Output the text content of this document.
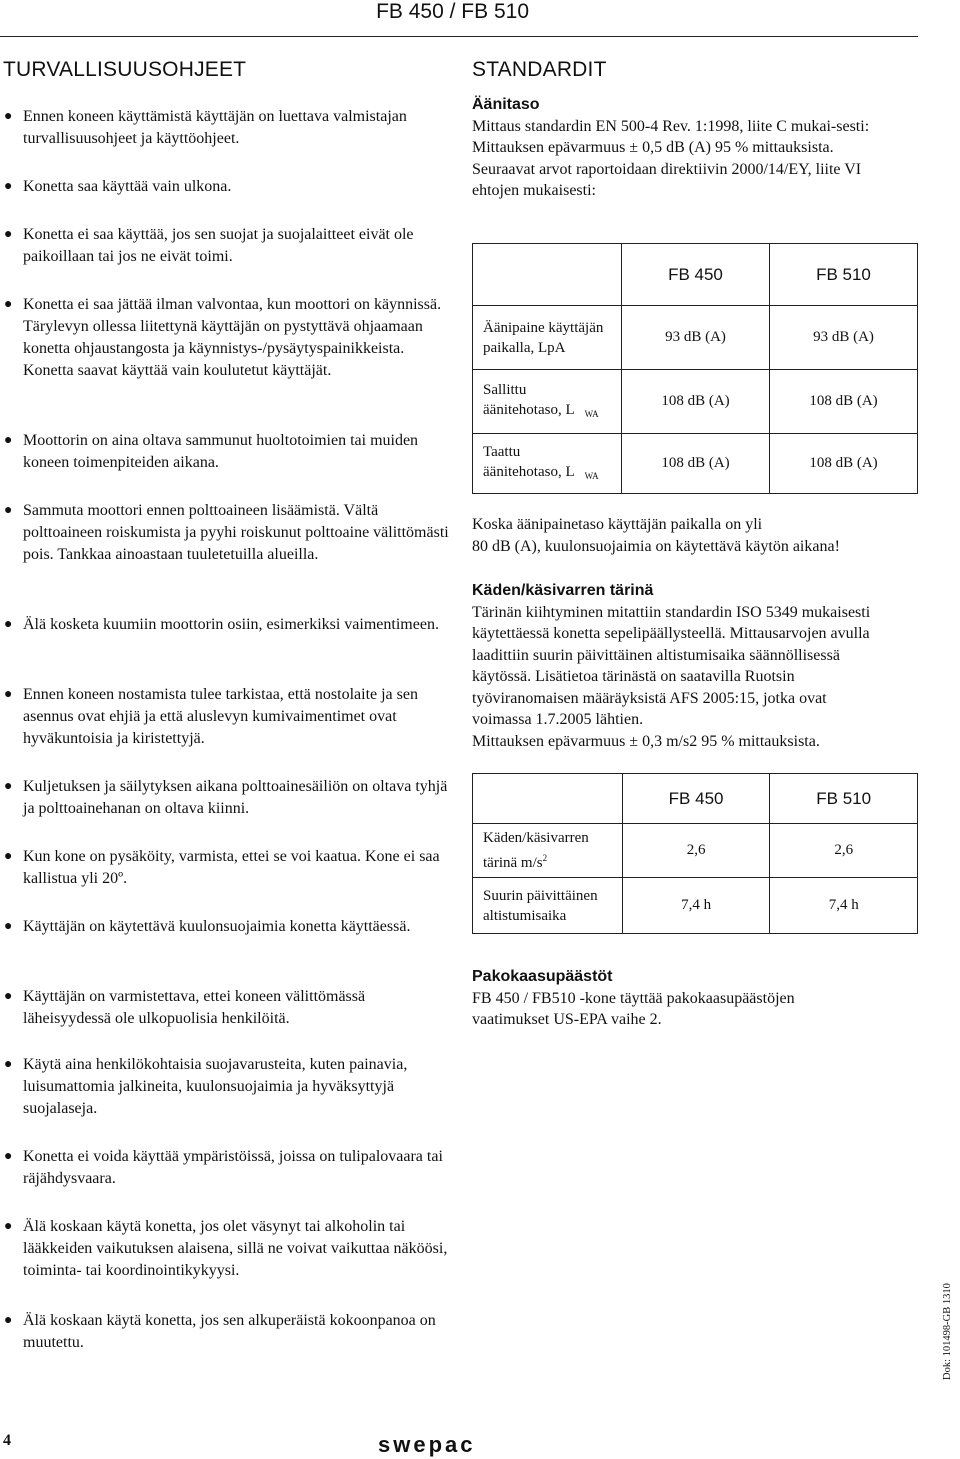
FB 450 / FB 510
TURVALLISUUSOHJEET
● Ennen koneen käyttämistä käyttäjän on luettava valmistajan turvallisuusohjeet ja käyttöohjeet.
● Konetta saa käyttää vain ulkona.
● Konetta ei saa käyttää, jos sen suojat ja suojalaitteet eivät ole paikoillaan tai jos ne eivät toimi.
● Konetta ei saa jättää ilman valvontaa, kun moottori on käynnissä. Tärylevyn ollessa liitettynä käyttäjän on pystyttävä ohjaamaan konetta ohjaustangosta ja käynnistys-/pysäytyspainikkeista. Konetta saavat käyttää vain koulutetut käyttäjät.
● Moottorin on aina oltava sammunut huoltotoimien tai muiden koneen toimenpiteiden aikana.
● Sammuta moottori ennen polttoaineen lisäämistä. Vältä polttoaineen roiskumista ja pyyhi roiskunut polttoaine välittömästi pois. Tankkaa ainoastaan tuuletetuilla alueilla.
● Älä kosketa kuumiin moottorin osiin, esimerkiksi vaimentimeen.
● Ennen koneen nostamista tulee tarkistaa, että nostolaite ja sen asennus ovat ehjiä ja että aluslevyn kumivaimentimet ovat hyväkuntoisia ja kiristettyjä.
● Kuljetuksen ja säilytyksen aikana polttoainesäiliön on oltava tyhjä ja polttoainehanan on oltava kiinni.
● Kun kone on pysäköity, varmista, ettei se voi kaatua. Kone ei saa kallistua yli 20º.
● Käyttäjän on käytettävä kuulonsuojaimia konetta käyttäessä.
● Käyttäjän on varmistettava, ettei koneen välittömässä läheisyydessä ole ulkopuolisia henkilöitä.
● Käytä aina henkilökohtaisia suojavarusteita, kuten painavia, luisumattomia jalkineita, kuulonsuojaimia ja hyväksyttyjä suojalaseja.
● Konetta ei voida käyttää ympäristöissä, joissa on tulipalovaara tai räjähdysvaara.
● Älä koskaan käytä konetta, jos olet väsynyt tai alkoholin tai lääkkeiden vaikutuksen alaisena, sillä ne voivat vaikuttaa näköösi, toiminta- tai koordinointikykyysi.
● Älä koskaan käytä konetta, jos sen alkuperäistä kokoonpanoa on muutettu.
STANDARDIT
Äänitaso
Mittaus standardin EN 500-4 Rev. 1:1998, liite C mukai-sesti:
Mittauksen epävarmuus ± 0,5 dB (A) 95 % mittauksista.
Seuraavat arvot raportoidaan direktiivin 2000/14/EY, liite VI ehtojen mukaisesti:
	FB 450	FB 510
Äänipaine käyttäjän
paikalla, LpA	93 dB (A)	93 dB (A)
Sallittu
äänitehotaso, L $_{WA}$	108 dB (A)	108 dB (A)
Taattu
äänitehotaso, L $_{WA}$	108 dB (A)	108 dB (A)
Koska äänipainetaso käyttäjän paikalla on yli
80 dB (A), kuulonsuojaimia on käytettävä käytön aikana!
Käden/käsivarren tärinä
Tärinän kiihtyminen mitattiin standardin ISO 5349 mukaisesti käytettäessä konetta sepelipäällysteellä. Mittausarvojen avulla laadittiin suurin päivittäinen altistumisaika säännöllisessä käytössä. Lisätietoa tärinästä on saatavilla Ruotsin työviranomaisen määräyksistä AFS 2005:15, jotka ovat voimassa 1.7.2005 lähtien.
Mittauksen epävarmuus ± 0,3 m/s2 95 % mittauksista.
	FB 450	FB 510
Käden/käsivarren
tärinä $m/s^2$	2,6	2,6
Suurin päivittäinen
altistumisaika	7,4 h	7,4 h
Pakokaasupäästöt
FB 450 / FB510 -kone täyttää pakokaasupäästöjen vaatimukset US-EPA vaihe 2.
4	swepac
Dok: 101498-GB 1310
